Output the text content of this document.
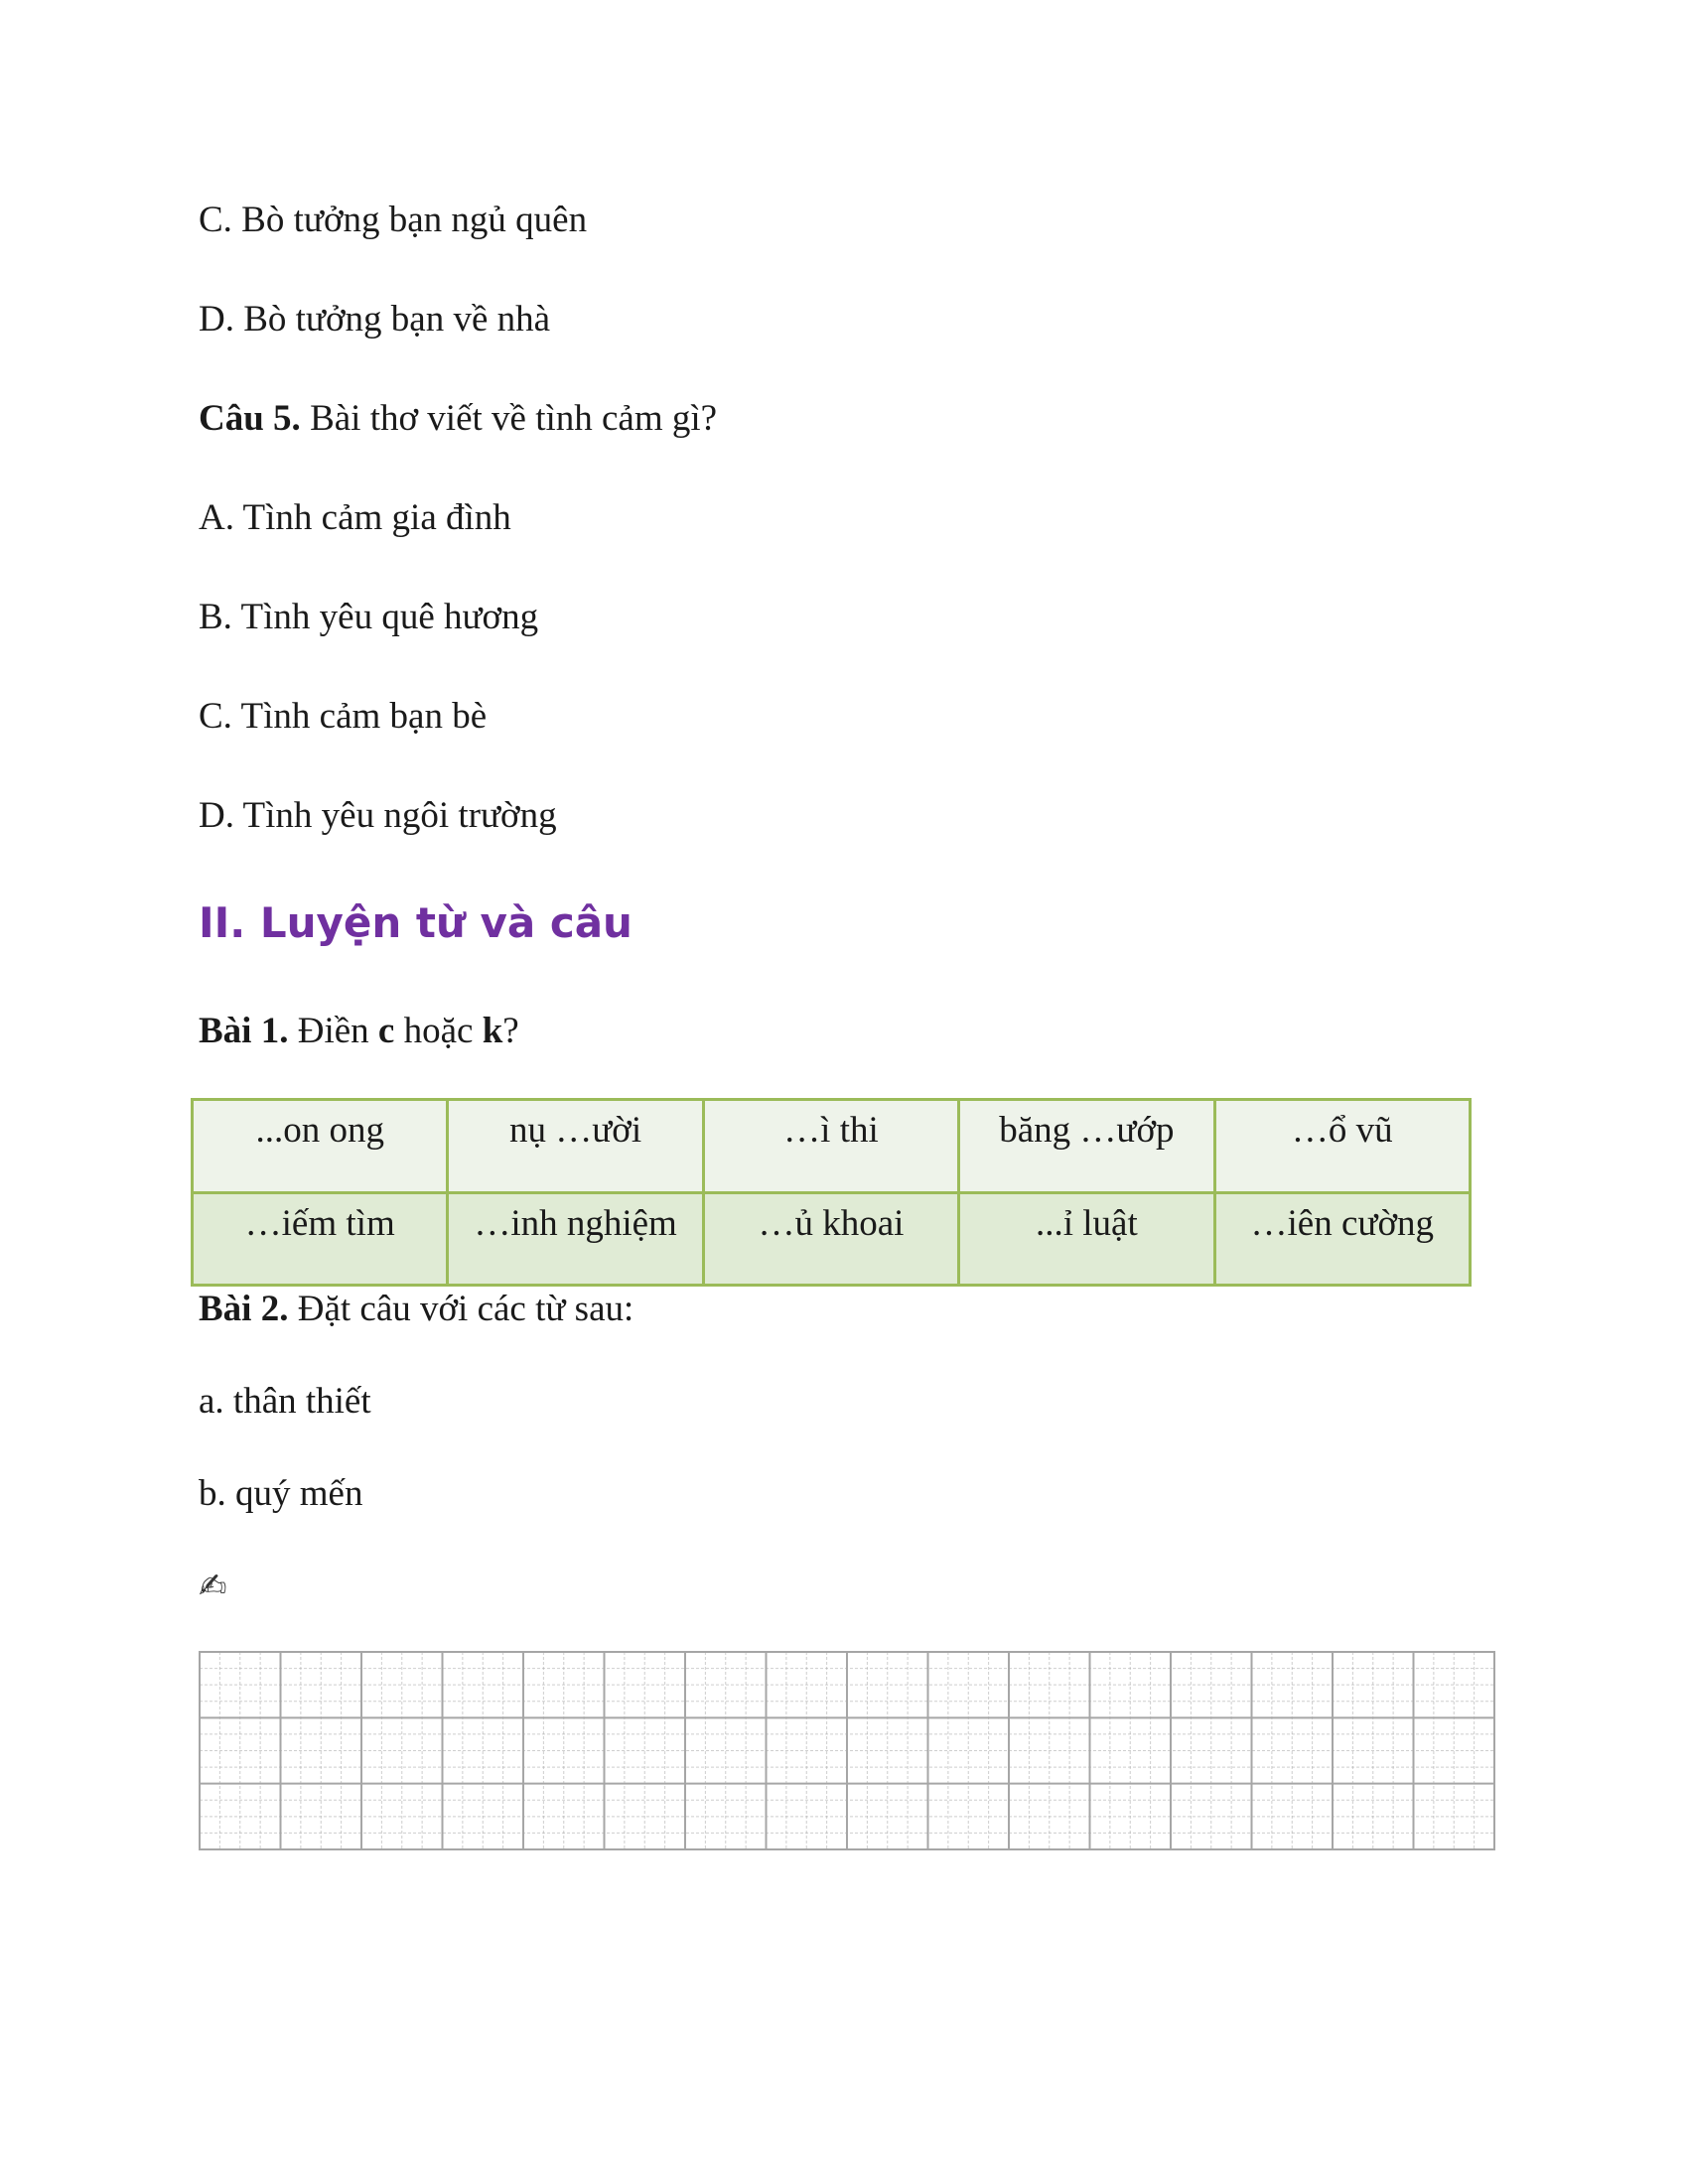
C. Bò tưởng bạn ngủ quên
D. Bò tưởng bạn về nhà
Câu 5. Bài thơ viết về tình cảm gì?
A. Tình cảm gia đình
B. Tình yêu quê hương
C. Tình cảm bạn bè
D. Tình yêu ngôi trường
II. Luyện từ và câu
Bài 1. Điền c hoặc k?
...on ong	nụ …ười	…ì thi	băng …ướp	…ổ vũ
…iếm tìm	…inh nghiệm	…ủ khoai	...ỉ luật	…iên cường
Bài 2. Đặt câu với các từ sau:
a. thân thiết
b. quý mến
✍
